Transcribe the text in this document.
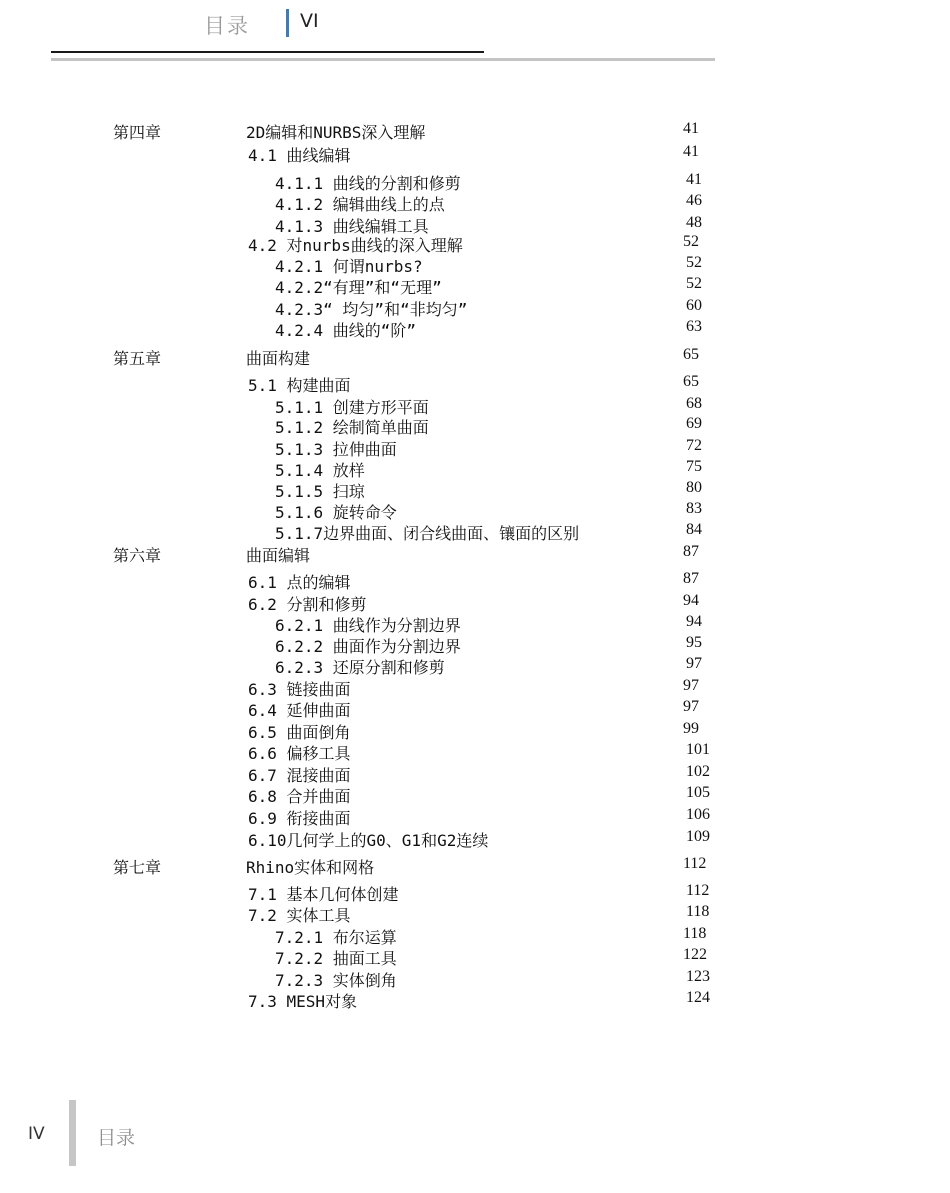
目录	VI
第四章	2D编辑和NURBS深入理解	41
4.1 曲线编辑	41
4.1.1 曲线的分割和修剪	41
4.1.2 编辑曲线上的点	46
4.1.3 曲线编辑工具	48
4.2 对nurbs曲线的深入理解	52
4.2.1 何谓nurbs?	52
4.2.2“有理”和“无理”	52
4.2.3“ 均匀”和“非均匀”	60
4.2.4 曲线的“阶”	63
第五章	曲面构建	65
5.1 构建曲面	65
5.1.1 创建方形平面	68
5.1.2 绘制简单曲面	69
5.1.3 拉伸曲面	72
5.1.4 放样	75
5.1.5 扫琼	80
5.1.6 旋转命令	83
5.1.7边界曲面、闭合线曲面、镶面的区别	84
第六章	曲面编辑	87
6.1 点的编辑	87
6.2 分割和修剪	94
6.2.1 曲线作为分割边界	94
6.2.2 曲面作为分割边界	95
6.2.3 还原分割和修剪	97
6.3 链接曲面	97
6.4 延伸曲面	97
6.5 曲面倒角	99
6.6 偏移工具	101
6.7 混接曲面	102
6.8 合并曲面	105
6.9 衔接曲面	106
6.10几何学上的G0、G1和G2连续	109
第七章	Rhino实体和网格	112
7.1 基本几何体创建	112
7.2 实体工具	118
7.2.1 布尔运算	118
7.2.2 抽面工具	122
7.2.3 实体倒角	123
7.3 MESH对象	124
IV	目录
